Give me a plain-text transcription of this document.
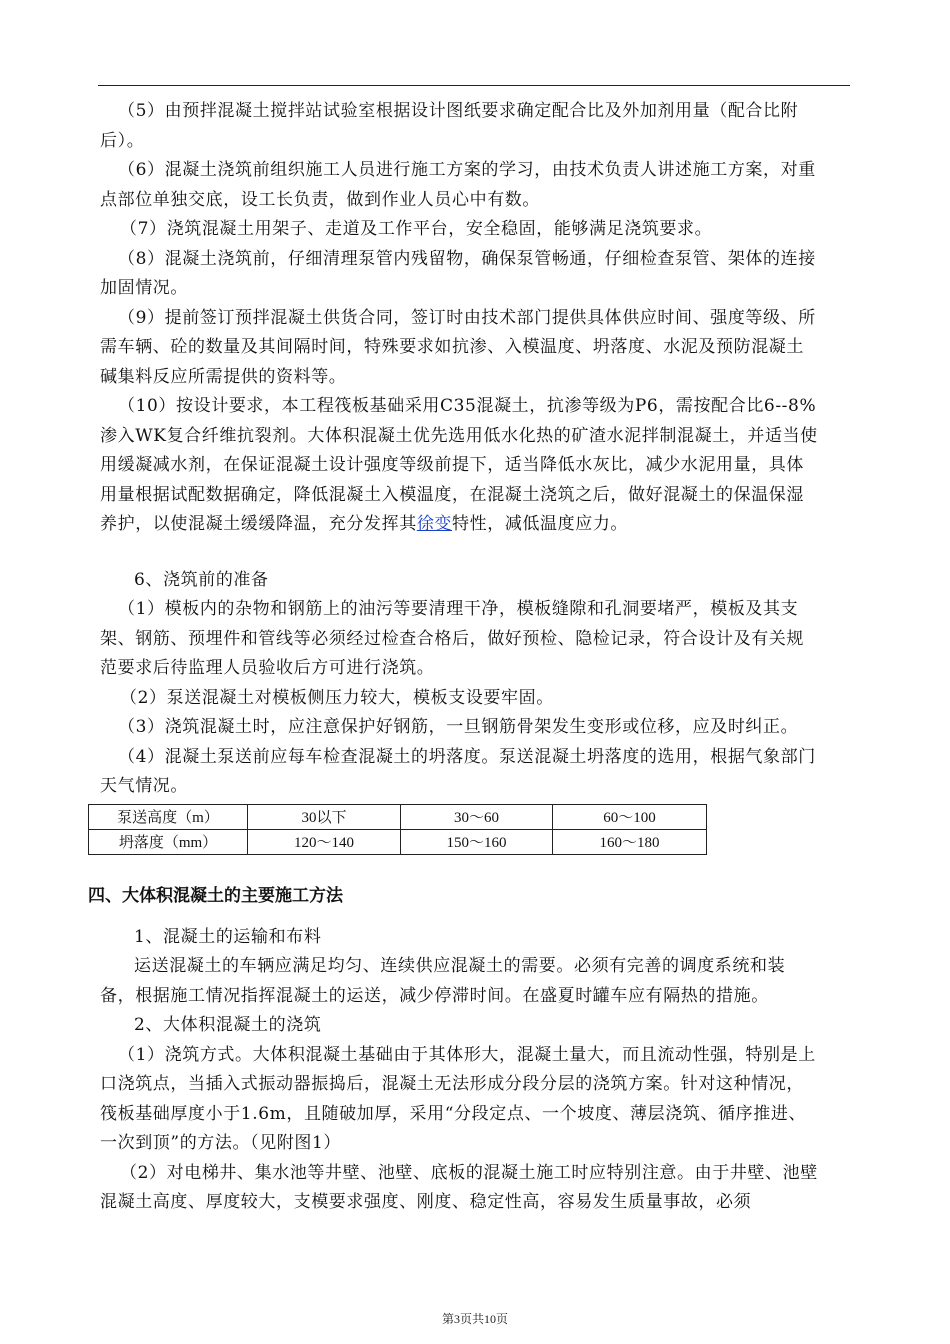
（5）由预拌混凝土搅拌站试验室根据设计图纸要求确定配合比及外加剂用量（配合比附后）。

（6）混凝土浇筑前组织施工人员进行施工方案的学习，由技术负责人讲述施工方案，对重点部位单独交底，设工长负责，做到作业人员心中有数。

（7）浇筑混凝土用架子、走道及工作平台，安全稳固，能够满足浇筑要求。

（8）混凝土浇筑前，仔细清理泵管内残留物，确保泵管畅通，仔细检查泵管、架体的连接加固情况。

（9）提前签订预拌混凝土供货合同，签订时由技术部门提供具体供应时间、强度等级、所需车辆、砼的数量及其间隔时间，特殊要求如抗渗、入模温度、坍落度、水泥及预防混凝土碱集料反应所需提供的资料等。

（10）按设计要求，本工程筏板基础采用C35混凝土，抗渗等级为P6，需按配合比6--8%渗入WK复合纤维抗裂剂。大体积混凝土优先选用低水化热的矿渣水泥拌制混凝土，并适当使用缓凝减水剂，在保证混凝土设计强度等级前提下，适当降低水灰比，减少水泥用量，具体用量根据试配数据确定，降低混凝土入模温度，在混凝土浇筑之后，做好混凝土的保温保湿养护，以使混凝土缓缓降温，充分发挥其徐变特性，减低温度应力。

6、浇筑前的准备

（1）模板内的杂物和钢筋上的油污等要清理干净，模板缝隙和孔洞要堵严，模板及其支架、钢筋、预埋件和管线等必须经过检查合格后，做好预检、隐检记录，符合设计及有关规范要求后待监理人员验收后方可进行浇筑。

（2）泵送混凝土对模板侧压力较大，模板支设要牢固。

（3）浇筑混凝土时，应注意保护好钢筋，一旦钢筋骨架发生变形或位移，应及时纠正。

（4）混凝土泵送前应每车检查混凝土的坍落度。泵送混凝土坍落度的选用，根据气象部门天气情况。

泵送高度（m）	30以下	30～60	60～100
坍落度（mm）	120～140	150～160	160～180

四、大体积混凝土的主要施工方法

1、混凝土的运输和布料

运送混凝土的车辆应满足均匀、连续供应混凝土的需要。必须有完善的调度系统和装备，根据施工情况指挥混凝土的运送，减少停滞时间。在盛夏时罐车应有隔热的措施。

2、大体积混凝土的浇筑

（1）浇筑方式。大体积混凝土基础由于其体形大，混凝土量大，而且流动性强，特别是上口浇筑点，当插入式振动器振捣后，混凝土无法形成分段分层的浇筑方案。针对这种情况，筏板基础厚度小于1.6m，且随破加厚，采用“分段定点、一个坡度、薄层浇筑、循序推进、一次到顶”的方法。（见附图1）

（2）对电梯井、集水池等井壁、池壁、底板的混凝土施工时应特别注意。由于井壁、池壁混凝土高度、厚度较大，支模要求强度、刚度、稳定性高，容易发生质量事故，必须

第3页共10页
